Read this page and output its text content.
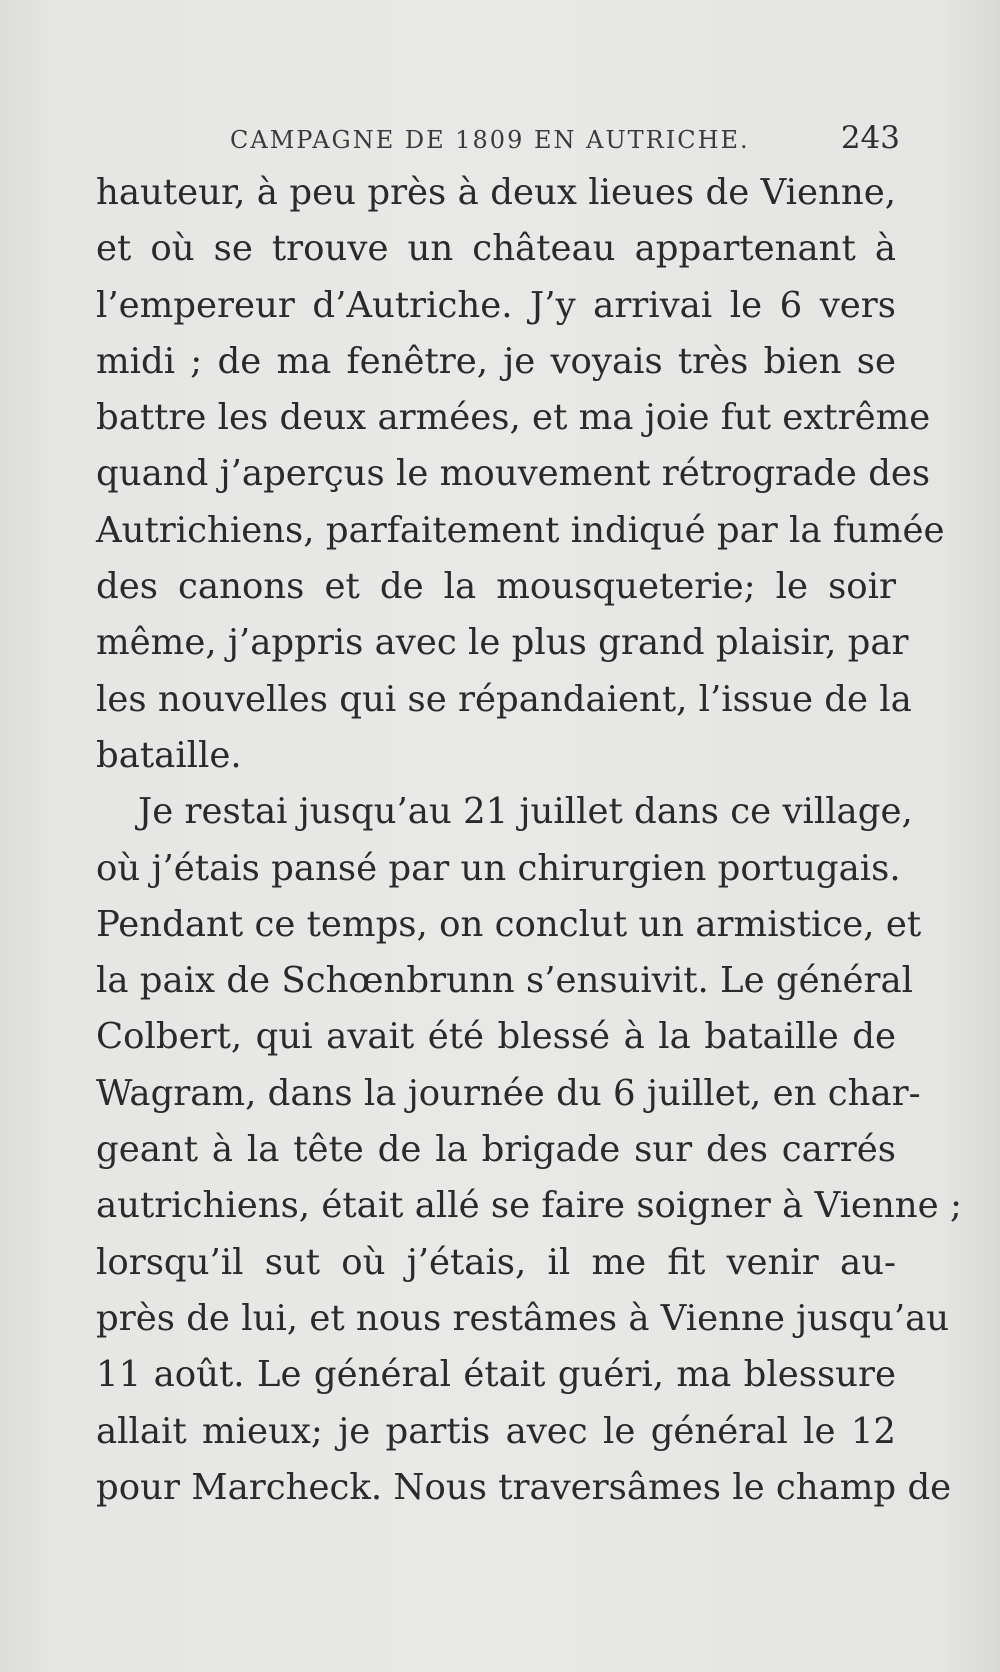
CAMPAGNE DE 1809 EN AUTRICHE.	243
hauteur, à peu près à deux lieues de Vienne,
et où se trouve un château appartenant à
l’empereur d’Autriche. J’y arrivai le 6 vers
midi ; de ma fenêtre, je voyais très bien se
battre les deux armées, et ma joie fut extrême
quand j’aperçus le mouvement rétrograde des
Autrichiens, parfaitement indiqué par la fumée
des canons et de la mousqueterie; le soir
même, j’appris avec le plus grand plaisir, par
les nouvelles qui se répandaient, l’issue de la
bataille.
Je restai jusqu’au 21 juillet dans ce village,
où j’étais pansé par un chirurgien portugais.
Pendant ce temps, on conclut un armistice, et
la paix de Schœnbrunn s’ensuivit. Le général
Colbert, qui avait été blessé à la bataille de
Wagram, dans la journée du 6 juillet, en char-
geant à la tête de la brigade sur des carrés
autrichiens, était allé se faire soigner à Vienne ;
lorsqu’il sut où j’étais, il me fit venir au-
près de lui, et nous restâmes à Vienne jusqu’au
11 août. Le général était guéri, ma blessure
allait mieux; je partis avec le général le 12
pour Marcheck. Nous traversâmes le champ de
